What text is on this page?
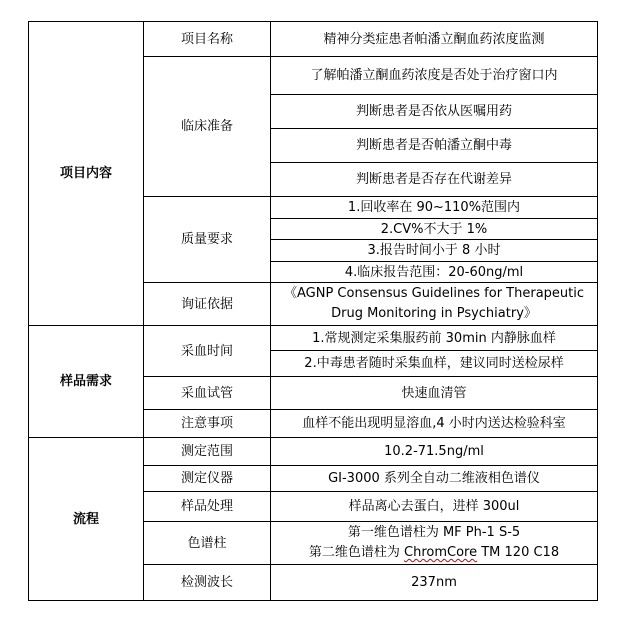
项目内容	项目名称	精神分类症患者帕潘立酮血药浓度监测
	临床准备	了解帕潘立酮血药浓度是否处于治疗窗口内
		判断患者是否依从医嘱用药
		判断患者是否帕潘立酮中毒
		判断患者是否存在代谢差异
	质量要求	1.回收率在 90~110%范围内
		2.CV%不大于 1%
		3.报告时间小于 8 小时
		4.临床报告范围：20-60ng/ml
	询证依据	《AGNP Consensus Guidelines for Therapeutic
Drug Monitoring in Psychiatry》

样品需求	采血时间	1.常规测定采集服药前 30min 内静脉血样
		2.中毒患者随时采集血样，建议同时送检尿样
	采血试管	快速血清管
	注意事项	血样不能出现明显溶血,4 小时内送达检验科室
流程	测定范围	10.2-71.5ng/ml
	测定仪器	GI-3000 系列全自动二维液相色谱仪
	样品处理	样品离心去蛋白，进样 300ul
	色谱柱	第一维色谱柱为 MF Ph-1 S-5
第二维色谱柱为 ChromCore TM 120 C18

	检测波长	237nm
